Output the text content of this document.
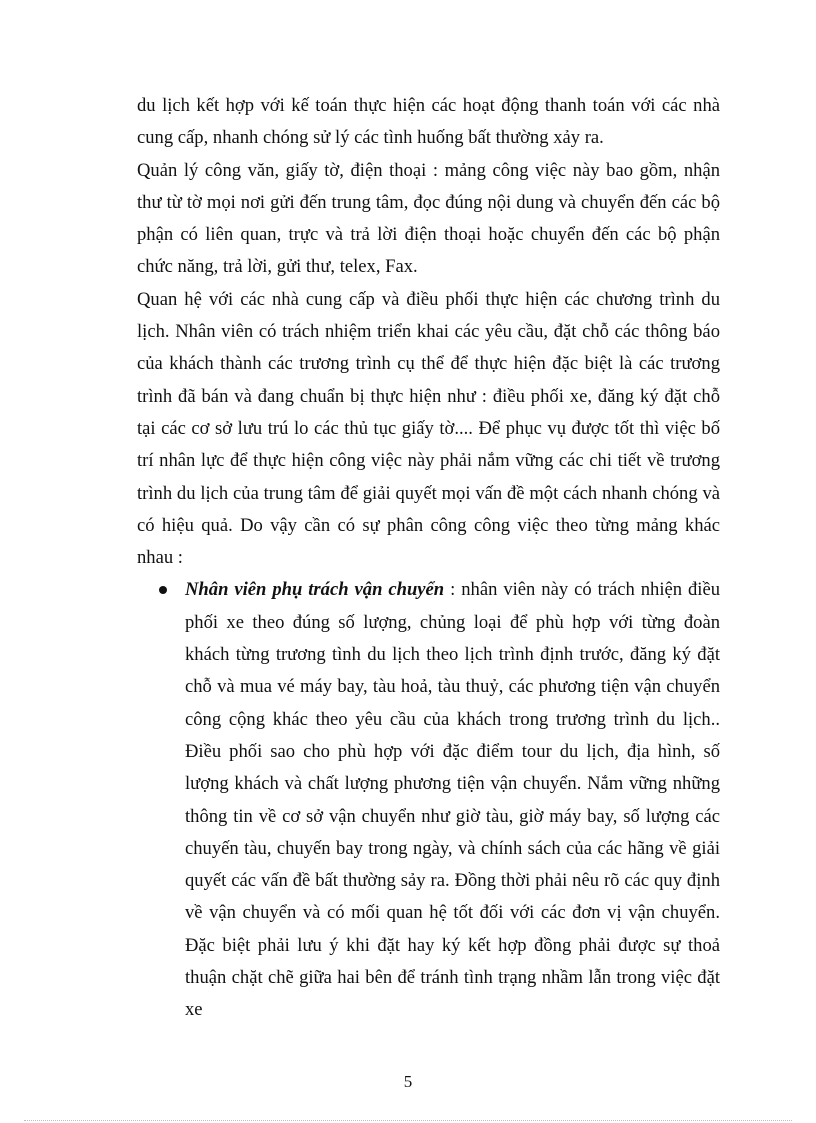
du lịch kết hợp với kế toán thực hiện các hoạt động thanh toán với các nhà cung cấp, nhanh chóng sử lý các tình huống bất thường xảy ra.

Quản lý công văn, giấy tờ, điện thoại : mảng công việc này bao gồm, nhận thư từ tờ mọi nơi gửi đến trung tâm, đọc đúng nội dung và chuyển đến các bộ phận có liên quan, trực và trả lời điện thoại hoặc chuyển đến các bộ phận chức năng, trả lời, gửi thư, telex, Fax.

Quan hệ với các nhà cung cấp và điều phối thực hiện các chương trình du lịch. Nhân viên có trách nhiệm triển khai các yêu cầu, đặt chỗ các thông báo của khách thành các trương trình cụ thể để thực hiện đặc biệt là các trương trình đã bán và đang chuẩn bị thực hiện như : điều phối xe, đăng ký đặt chỗ tại các cơ sở lưu trú lo các thủ tục giấy tờ.... Để phục vụ được tốt thì việc bố trí nhân lực để thực hiện công việc này phải nắm vững các chi tiết về trương trình du lịch của trung tâm để giải quyết mọi vấn đề một cách nhanh chóng và có hiệu quả. Do vậy cần có sự phân công công việc theo từng mảng khác nhau :

Nhân viên phụ trách vận chuyển : nhân viên này có trách nhiện điều phối xe theo đúng số lượng, chủng loại để phù hợp với từng đoàn khách từng trương tình du lịch theo lịch trình định trước, đăng ký đặt chỗ và mua vé máy bay, tàu hoả, tàu thuỷ, các phương tiện vận chuyển công cộng khác theo yêu cầu của khách trong trương trình du lịch.. Điều phối sao cho phù hợp với đặc điểm tour du lịch, địa hình, số lượng khách và chất lượng phương tiện vận chuyển. Nắm vững những thông tin về cơ sở vận chuyển như giờ tàu, giờ máy bay, số lượng các chuyến tàu, chuyến bay trong ngày, và chính sách của các hãng về giải quyết các vấn đề bất thường sảy ra. Đồng thời phải nêu rõ các quy định về vận chuyển và có mối quan hệ tốt đối với các đơn vị vận chuyển. Đặc biệt phải lưu ý khi đặt hay ký kết hợp đồng phải được sự thoả thuận chặt chẽ giữa hai bên để tránh tình trạng nhầm lẫn trong việc đặt xe
5
